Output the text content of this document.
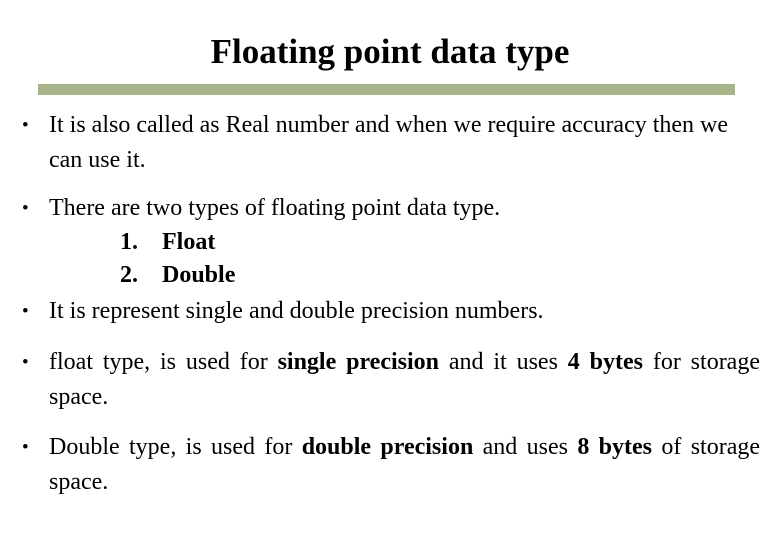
Floating point data type
• It is also called as Real number and when we require accuracy then we can use it.
• There are two types of floating point data type.
1. Float
2. Double
• It is represent single and double precision numbers.
• float type, is used for single precision and it uses 4 bytes for storage space.
• Double type, is used for double precision and uses 8 bytes of storage space.
